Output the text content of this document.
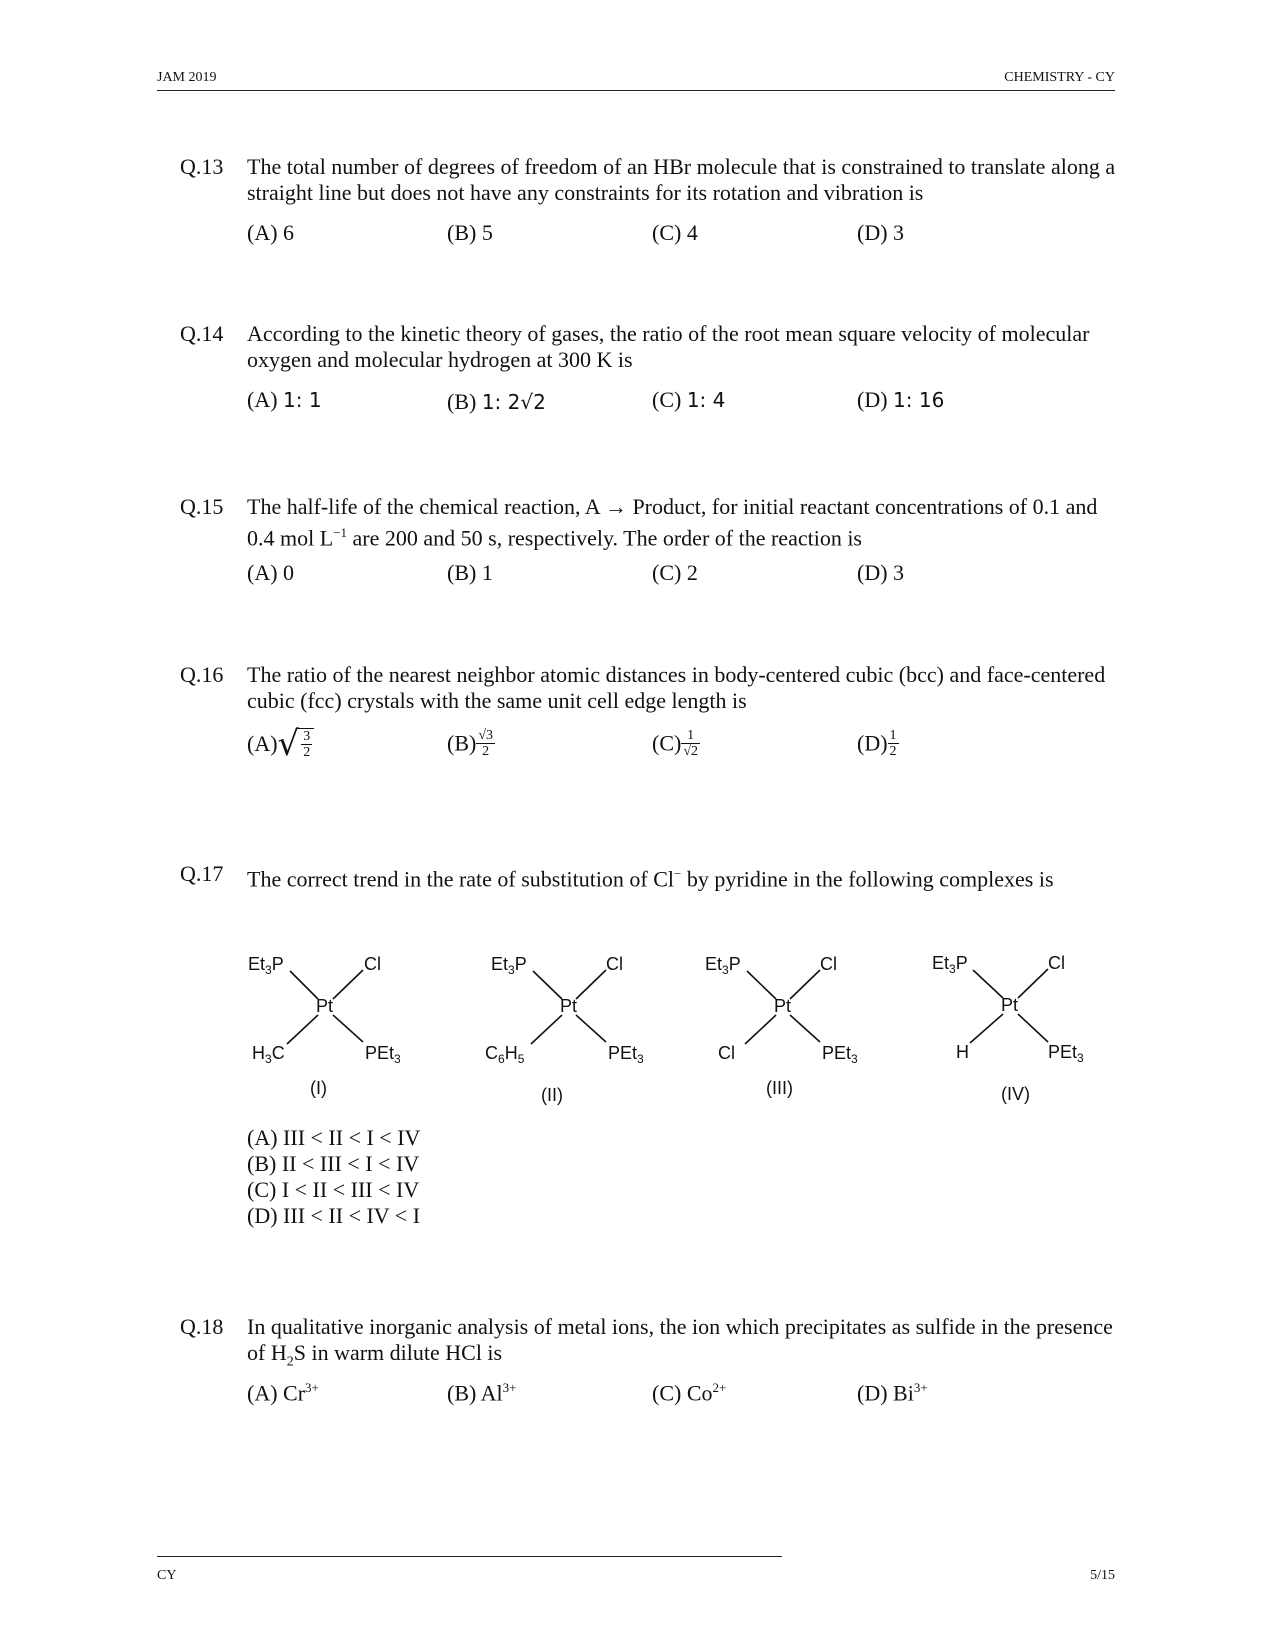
JAM 2019	CHEMISTRY - CY
Q.13 The total number of degrees of freedom of an HBr molecule that is constrained to translate along a straight line but does not have any constraints for its rotation and vibration is
(A) 6	(B) 5	(C) 4	(D) 3
Q.14 According to the kinetic theory of gases, the ratio of the root mean square velocity of molecular oxygen and molecular hydrogen at 300 K is
(A) 1: 1	(B) 1: 2√2	(C) 1: 4	(D) 1: 16
Q.15 The half-life of the chemical reaction, A → Product, for initial reactant concentrations of 0.1 and 0.4 mol $L^{-1}$ are 200 and 50 s, respectively. The order of the reaction is
(A) 0	(B) 1	(C) 2	(D) 3
Q.16 The ratio of the nearest neighbor atomic distances in body-centered cubic (bcc) and face-centered cubic (fcc) crystals with the same unit cell edge length is
$(A)√ \frac{3}{2}$	$(B) \frac{√3}{2}$	$(C) \frac{1}{√2}$	$(D) \frac{1}{2}$
Q.17 The correct trend in the rate of substitution of Cl− by pyridine in the following complexes is
$Et_3P$	Cl
Pt
$H_3C$	PEt$_3$
(I)
$Et_3P$	Cl
Pt
$C_6H_5$	PEt$_3$
(II)
$Et_3P$	Cl
Pt
Cl	PEt$_3$
(III)
$Et_3P$	Cl
Pt
H	PEt$_3$
(IV)
(A) III < II < I < IV
(B) II < III < I < IV
(C) I < II < III < IV
(D) III < II < IV < I
Q.18 In qualitative inorganic analysis of metal ions, the ion which precipitates as sulfide in the presence of $H_2S$ in warm dilute HCl is
(A) $Cr^{3+}$	(B) $Al^{3+}$	(C) $Co^{2+}$	(D) $Bi^{3+}$
CY	5/15
